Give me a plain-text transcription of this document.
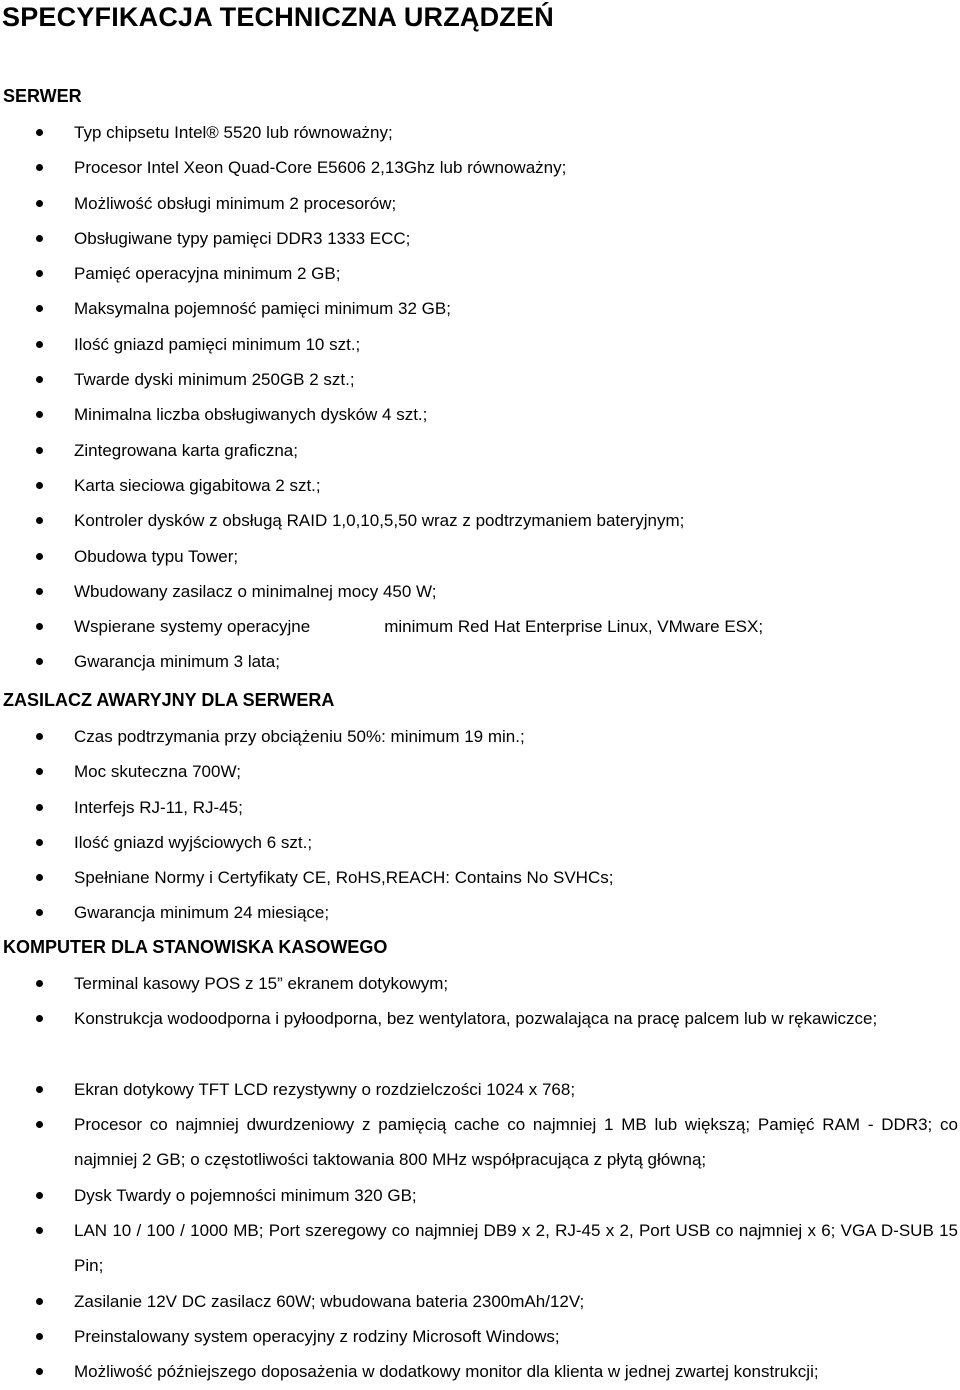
SPECYFIKACJA TECHNICZNA URZĄDZEŃ
SERWER
Typ chipsetu Intel® 5520 lub równoważny;
Procesor Intel Xeon Quad-Core E5606 2,13Ghz lub równoważny;
Możliwość obsługi minimum 2 procesorów;
Obsługiwane typy pamięci DDR3 1333 ECC;
Pamięć operacyjna minimum 2 GB;
Maksymalna pojemność pamięci minimum 32 GB;
Ilość gniazd pamięci minimum 10 szt.;
Twarde dyski minimum 250GB 2 szt.;
Minimalna liczba obsługiwanych dysków 4 szt.;
Zintegrowana karta graficzna;
Karta sieciowa gigabitowa 2 szt.;
Kontroler dysków z obsługą RAID 1,0,10,5,50 wraz z podtrzymaniem bateryjnym;
Obudowa typu Tower;
Wbudowany zasilacz o minimalnej mocy 450 W;
Wspierane systemy operacyjne	minimum Red Hat Enterprise Linux, VMware ESX;
Gwarancja minimum 3 lata;
ZASILACZ AWARYJNY DLA SERWERA
Czas podtrzymania przy obciążeniu 50%: minimum 19 min.;
Moc skuteczna 700W;
Interfejs RJ-11, RJ-45;
Ilość gniazd wyjściowych 6 szt.;
Spełniane Normy i Certyfikaty CE, RoHS,REACH: Contains No SVHCs;
Gwarancja minimum 24 miesiące;
KOMPUTER DLA STANOWISKA KASOWEGO
Terminal kasowy POS z 15” ekranem dotykowym;
Konstrukcja wodoodporna i pyłoodporna, bez wentylatora, pozwalająca na pracę palcem lub w rękawiczce;
Ekran dotykowy TFT LCD rezystywny o rozdzielczości 1024 x 768;
Procesor co najmniej dwurdzeniowy z pamięcią cache co najmniej 1 MB lub większą; Pamięć RAM - DDR3; co najmniej 2 GB; o częstotliwości taktowania 800 MHz współpracująca z płytą główną;
Dysk Twardy o pojemności minimum 320 GB;
LAN 10 / 100 / 1000 MB; Port szeregowy co najmniej DB9 x 2, RJ-45 x 2, Port USB co najmniej x 6; VGA D-SUB 15 Pin;
Zasilanie 12V DC zasilacz 60W; wbudowana bateria 2300mAh/12V;
Preinstalowany system operacyjny z rodziny Microsoft Windows;
Możliwość późniejszego doposażenia w dodatkowy monitor dla klienta w jednej zwartej konstrukcji;
